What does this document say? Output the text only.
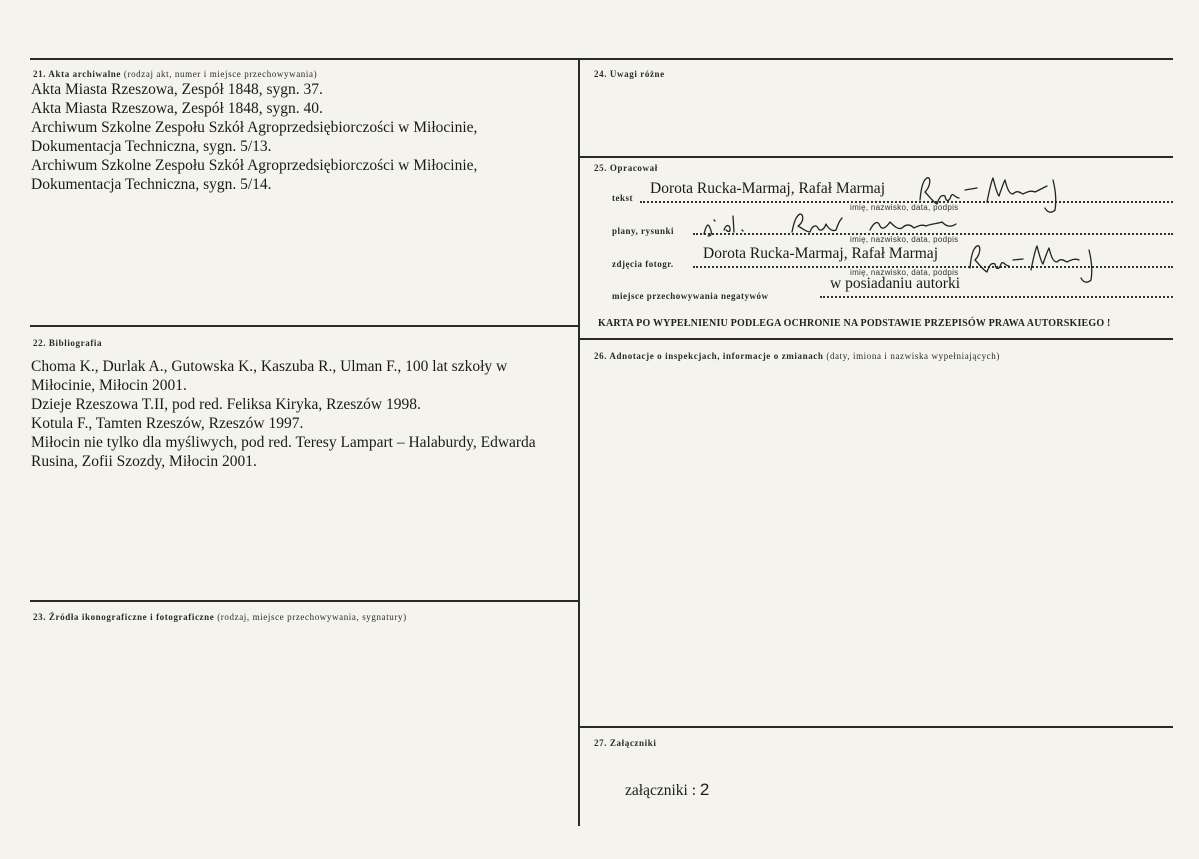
21. Akta archiwalne (rodzaj akt, numer i miejsce przechowywania)
Akta Miasta Rzeszowa, Zespół 1848, sygn. 37.
Akta Miasta Rzeszowa, Zespół 1848, sygn. 40.
Archiwum Szkolne Zespołu Szkół Agroprzedsiębiorczości w Miłocinie,
Dokumentacja Techniczna, sygn. 5/13.
Archiwum Szkolne Zespołu Szkół Agroprzedsiębiorczości w Miłocinie,
Dokumentacja Techniczna, sygn. 5/14.
22. Bibliografia
Choma K., Durlak A., Gutowska K., Kaszuba R., Ulman F., 100 lat szkoły w
Miłocinie, Miłocin 2001.
Dzieje Rzeszowa T.II, pod red. Feliksa Kiryka, Rzeszów 1998.
Kotula F., Tamten Rzeszów, Rzeszów 1997.
Miłocin nie tylko dla myśliwych, pod red. Teresy Lampart – Halaburdy, Edwarda
Rusina, Zofii Szozdy, Miłocin 2001.
23. Źródła ikonograficzne i fotograficzne (rodzaj, miejsce przechowywania, sygnatury)
24. Uwagi różne
25. Opracował
tekst
Dorota Rucka-Marmaj, Rafał Marmaj
imię, nazwisko, data, podpis
plany, rysunki
imię, nazwisko, data, podpis
zdjęcia fotogr.
Dorota Rucka-Marmaj, Rafał Marmaj
imię, nazwisko, data, podpis
miejsce przechowywania negatywów
w posiadaniu autorki
KARTA PO WYPEŁNIENIU PODLEGA OCHRONIE NA PODSTAWIE PRZEPISÓW PRAWA AUTORSKIEGO !
26. Adnotacje o inspekcjach, informacje o zmianach (daty, imiona i nazwiska wypełniających)
27. Załączniki
załączniki : 2
